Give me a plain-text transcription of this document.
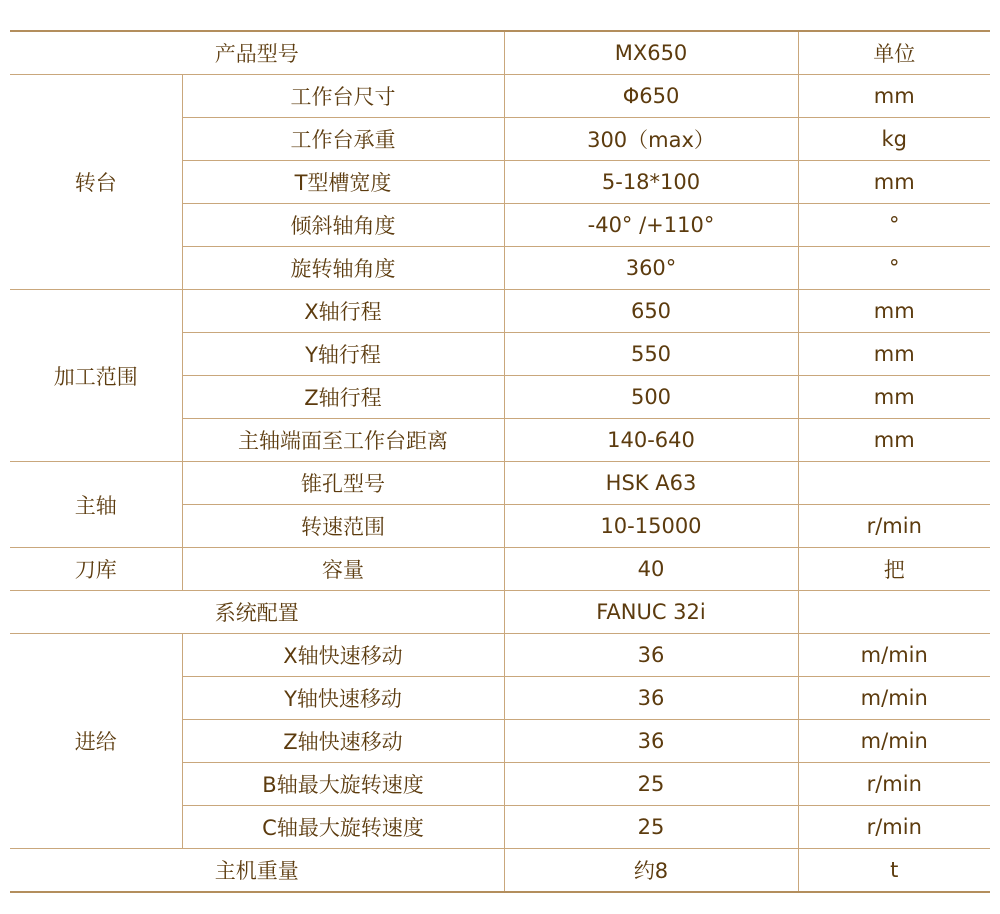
产品型号		MX650	单位
转台	工作台尺寸	Φ650	mm
	工作台承重	300（max）	kg
	T型槽宽度	5-18*100	mm
	倾斜轴角度	-40° /+110°	°
	旋转轴角度	360°	°
加工范围	X轴行程	650	mm
	Y轴行程	550	mm
	Z轴行程	500	mm
	主轴端面至工作台距离	140-640	mm
主轴	锥孔型号	HSK A63	
	转速范围	10-15000	r/min
刀库	容量	40	把
系统配置		FANUC 32i	
进给	X轴快速移动	36	m/min
	Y轴快速移动	36	m/min
	Z轴快速移动	36	m/min
	B轴最大旋转速度	25	r/min
	C轴最大旋转速度	25	r/min
主机重量		约8	t
